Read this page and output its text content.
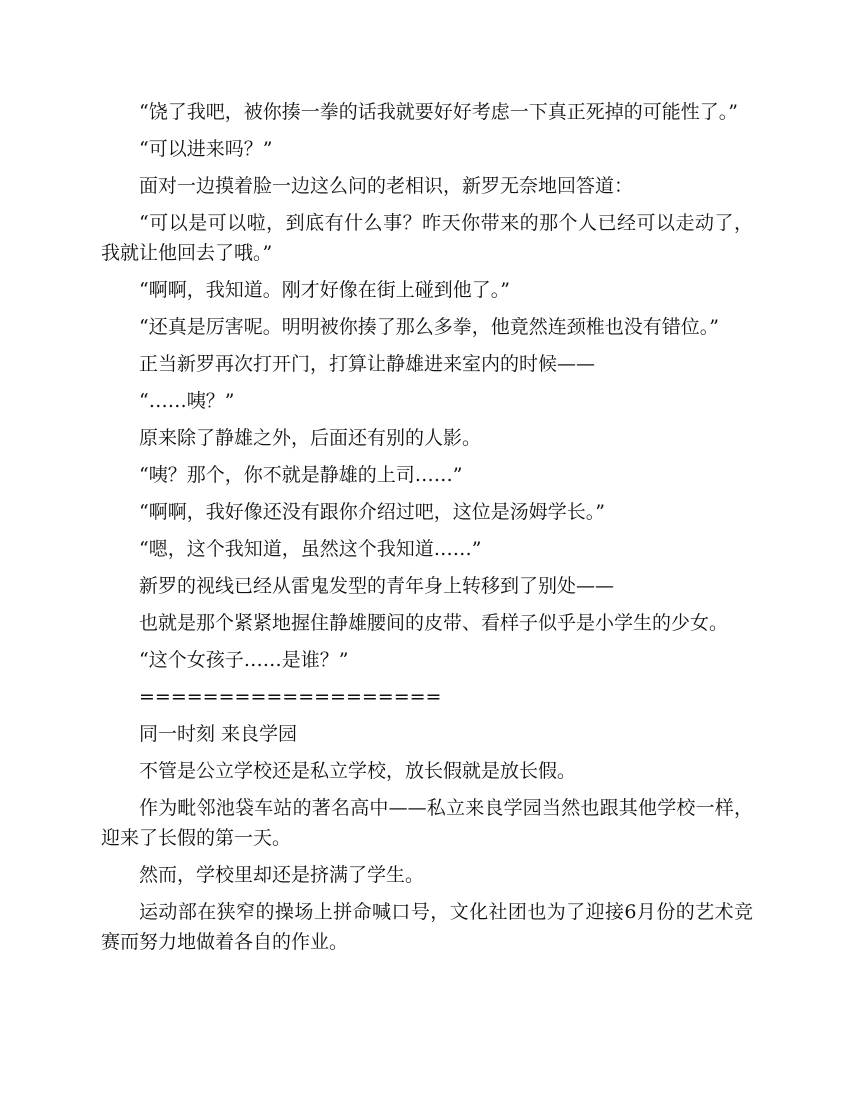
“饶了我吧，被你揍一拳的话我就要好好考虑一下真正死掉的可能性了。”

“可以进来吗？”

面对一边摸着脸一边这么问的老相识，新罗无奈地回答道：

“可以是可以啦，到底有什么事？昨天你带来的那个人已经可以走动了，我就让他回去了哦。”

“啊啊，我知道。刚才好像在街上碰到他了。”

“还真是厉害呢。明明被你揍了那么多拳，他竟然连颈椎也没有错位。”

正当新罗再次打开门，打算让静雄进来室内的时候——

“……咦？”

原来除了静雄之外，后面还有别的人影。

“咦？那个，你不就是静雄的上司……”

“啊啊，我好像还没有跟你介绍过吧，这位是汤姆学长。”

“嗯，这个我知道，虽然这个我知道……”

新罗的视线已经从雷鬼发型的青年身上转移到了别处——

也就是那个紧紧地握住静雄腰间的皮带、看样子似乎是小学生的少女。

“这个女孩子……是谁？”

===================

同一时刻 来良学园

不管是公立学校还是私立学校，放长假就是放长假。

作为毗邻池袋车站的著名高中——私立来良学园当然也跟其他学校一样，迎来了长假的第一天。

然而，学校里却还是挤满了学生。

运动部在狭窄的操场上拼命喊口号，文化社团也为了迎接6月份的艺术竞赛而努力地做着各自的作业。
